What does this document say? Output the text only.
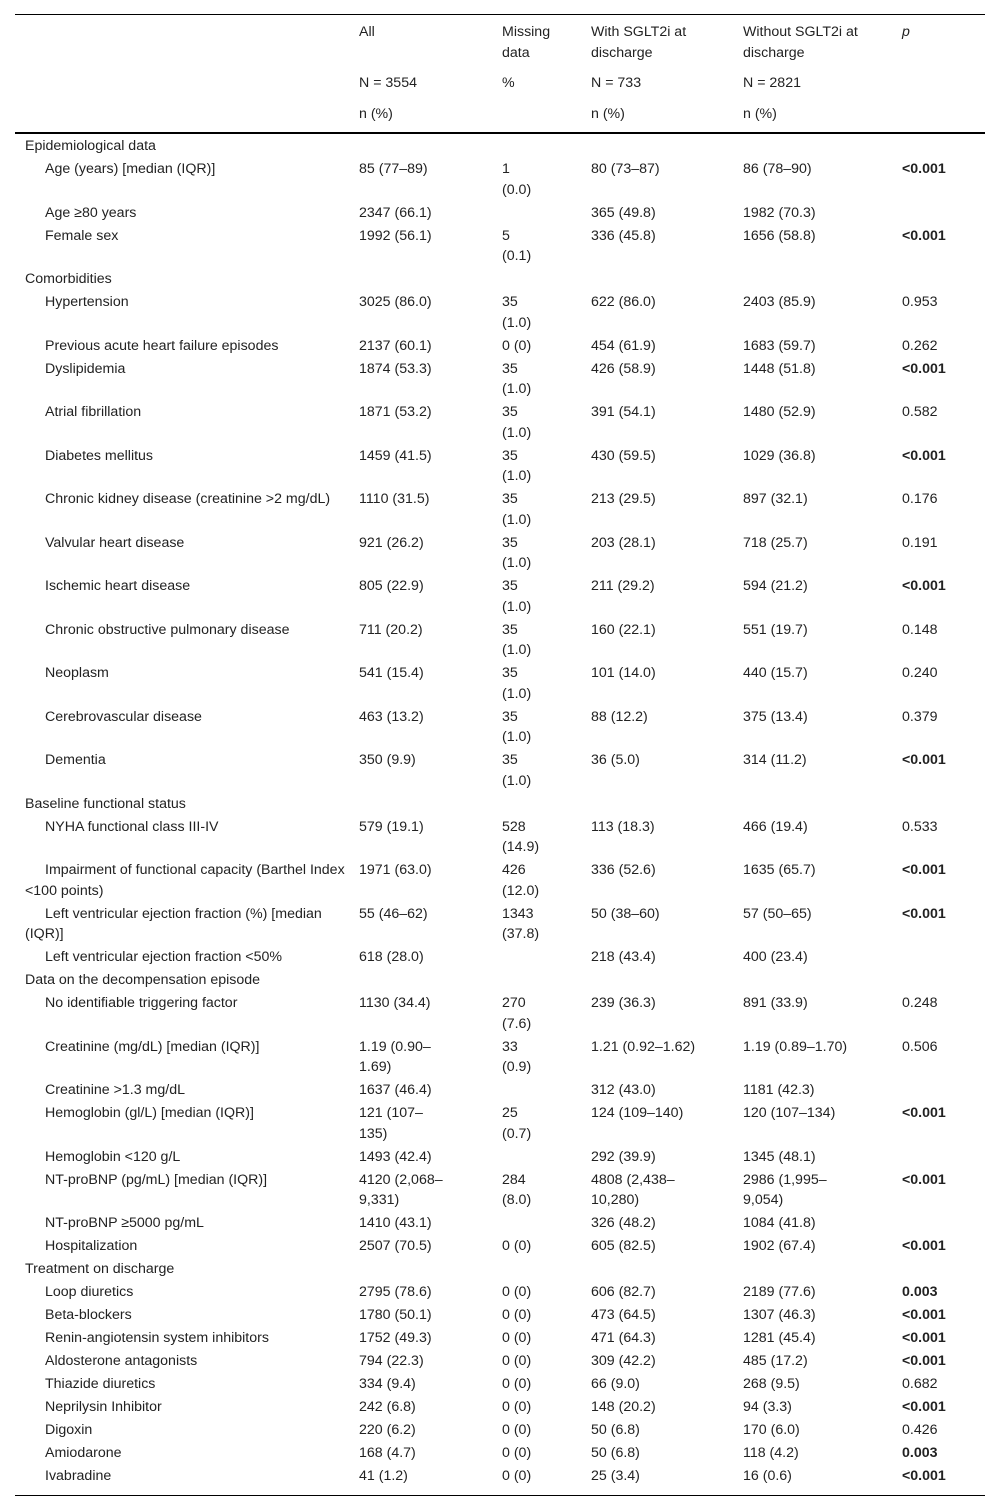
	All	Missing data	With SGLT2i at discharge	Without SGLT2i at discharge	p
	N = 3554	%	N = 733	N = 2821	
	n (%)		n (%)	n (%)	
Epidemiological data					
Age (years) [median (IQR)]	85 (77–89)	1 (0.0)	80 (73–87)	86 (78–90)	<0.001
Age ≥80 years	2347 (66.1)		365 (49.8)	1982 (70.3)	

Female sex	1992 (56.1)	5 (0.1)	336 (45.8)	1656 (58.8)	<0.001
Comorbidities					
Hypertension	3025 (86.0)	35 (1.0)	622 (86.0)	2403 (85.9)	0.953
Previous acute heart failure episodes	2137 (60.1)	0 (0)	454 (61.9)	1683 (59.7)	0.262
Dyslipidemia	1874 (53.3)	35 (1.0)	426 (58.9)	1448 (51.8)	<0.001
Atrial fibrillation	1871 (53.2)	35 (1.0)	391 (54.1)	1480 (52.9)	0.582
Diabetes mellitus	1459 (41.5)	35 (1.0)	430 (59.5)	1029 (36.8)	<0.001
Chronic kidney disease (creatinine >2 mg/dL)	1110 (31.5)	35 (1.0)	213 (29.5)	897 (32.1)	0.176
Valvular heart disease	921 (26.2)	35 (1.0)	203 (28.1)	718 (25.7)	0.191
Ischemic heart disease	805 (22.9)	35 (1.0)	211 (29.2)	594 (21.2)	<0.001
Chronic obstructive pulmonary disease	711 (20.2)	35 (1.0)	160 (22.1)	551 (19.7)	0.148
Neoplasm	541 (15.4)	35 (1.0)	101 (14.0)	440 (15.7)	0.240
Cerebrovascular disease	463 (13.2)	35 (1.0)	88 (12.2)	375 (13.4)	0.379
Dementia	350 (9.9)	35 (1.0)	36 (5.0)	314 (11.2)	<0.001
Baseline functional status					
NYHA functional class III-IV	579 (19.1)	528 (14.9)	113 (18.3)	466 (19.4)	0.533
Impairment of functional capacity (Barthel Index <100 points)	1971 (63.0)	426 (12.0)	336 (52.6)	1635 (65.7)	<0.001
Left ventricular ejection fraction (%) [median (IQR)]	55 (46–62)	1343 (37.8)	50 (38–60)	57 (50–65)	<0.001
Left ventricular ejection fraction <50%	618 (28.0)		218 (43.4)	400 (23.4)	

Data on the decompensation episode					
No identifiable triggering factor	1130 (34.4)	270 (7.6)	239 (36.3)	891 (33.9)	0.248
Creatinine (mg/dL) [median (IQR)]	1.19 (0.90–1.69)	33 (0.9)	1.21 (0.92–1.62)	1.19 (0.89–1.70)	0.506
Creatinine >1.3 mg/dL	1637 (46.4)		312 (43.0)	1181 (42.3)	

Hemoglobin (gl/L) [median (IQR)]	121 (107–135)	25 (0.7)	124 (109–140)	120 (107–134)	<0.001
Hemoglobin <120 g/L	1493 (42.4)		292 (39.9)	1345 (48.1)	

NT-proBNP (pg/mL) [median (IQR)]	4120 (2,068–9,331)	284 (8.0)	4808 (2,438–10,280)	2986 (1,995–9,054)	<0.001
NT-proBNP ≥5000 pg/mL	1410 (43.1)		326 (48.2)	1084 (41.8)	

Hospitalization	2507 (70.5)	0 (0)	605 (82.5)	1902 (67.4)	<0.001
Treatment on discharge					
Loop diuretics	2795 (78.6)	0 (0)	606 (82.7)	2189 (77.6)	0.003
Beta-blockers	1780 (50.1)	0 (0)	473 (64.5)	1307 (46.3)	<0.001
Renin-angiotensin system inhibitors	1752 (49.3)	0 (0)	471 (64.3)	1281 (45.4)	<0.001
Aldosterone antagonists	794 (22.3)	0 (0)	309 (42.2)	485 (17.2)	<0.001
Thiazide diuretics	334 (9.4)	0 (0)	66 (9.0)	268 (9.5)	0.682
Neprilysin Inhibitor	242 (6.8)	0 (0)	148 (20.2)	94 (3.3)	<0.001
Digoxin	220 (6.2)	0 (0)	50 (6.8)	170 (6.0)	0.426
Amiodarone	168 (4.7)	0 (0)	50 (6.8)	118 (4.2)	0.003
Ivabradine	41 (1.2)	0 (0)	25 (3.4)	16 (0.6)	<0.001
